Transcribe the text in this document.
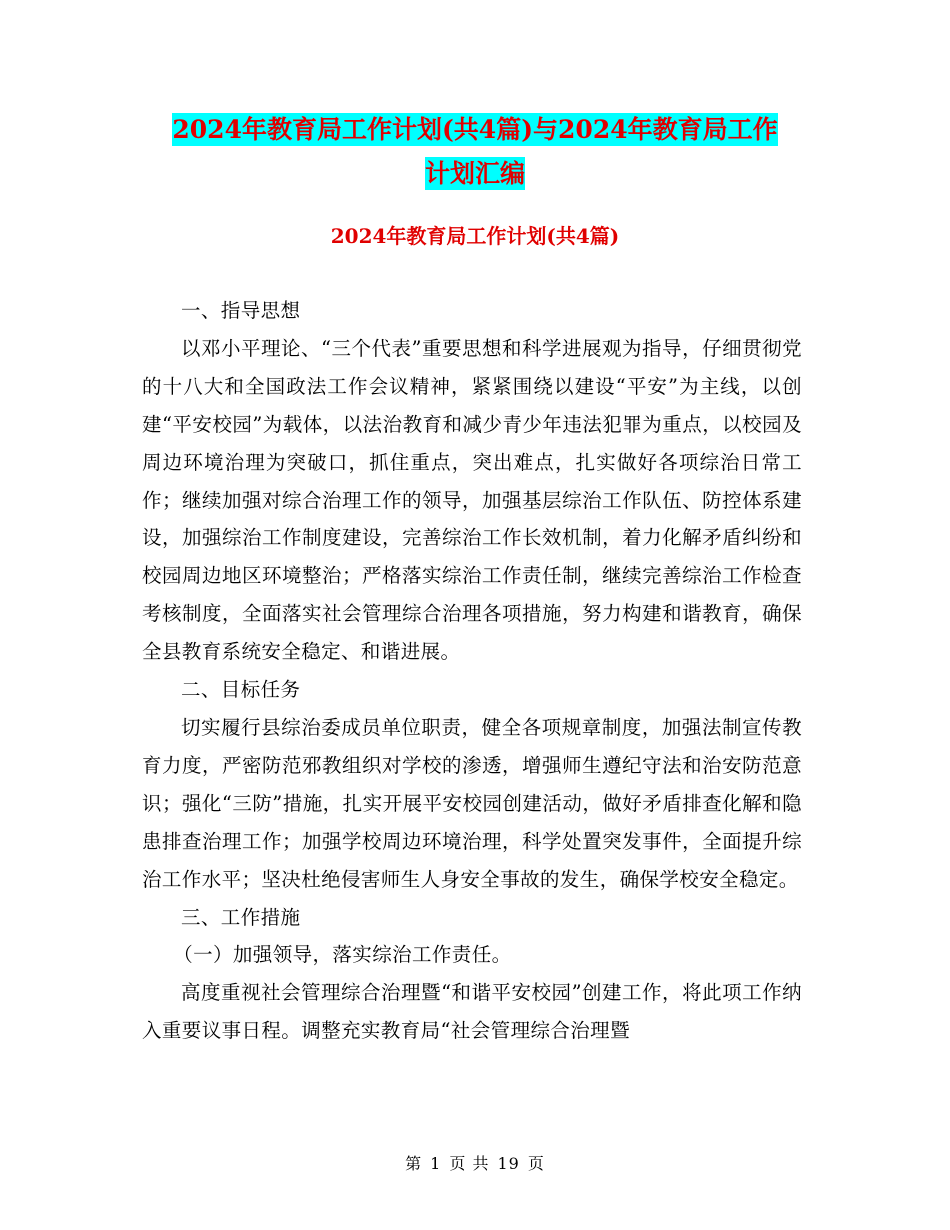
2024年教育局工作计划(共4篇)与2024年教育局工作
计划汇编
2024年教育局工作计划(共4篇)

一、指导思想

以邓小平理论、“三个代表”重要思想和科学进展观为指导，仔细贯彻党的十八大和全国政法工作会议精神，紧紧围绕以建设“平安”为主线，以创建“平安校园”为载体，以法治教育和减少青少年违法犯罪为重点，以校园及周边环境治理为突破口，抓住重点，突出难点，扎实做好各项综治日常工作；继续加强对综合治理工作的领导，加强基层综治工作队伍、防控体系建设，加强综治工作制度建设，完善综治工作长效机制，着力化解矛盾纠纷和校园周边地区环境整治；严格落实综治工作责任制，继续完善综治工作检查考核制度，全面落实社会管理综合治理各项措施，努力构建和谐教育，确保全县教育系统安全稳定、和谐进展。

二、目标任务

切实履行县综治委成员单位职责，健全各项规章制度，加强法制宣传教育力度，严密防范邪教组织对学校的渗透，增强师生遵纪守法和治安防范意识；强化“三防”措施，扎实开展平安校园创建活动，做好矛盾排查化解和隐患排查治理工作；加强学校周边环境治理，科学处置突发事件，全面提升综治工作水平；坚决杜绝侵害师生人身安全事故的发生，确保学校安全稳定。

三、工作措施

（一）加强领导，落实综治工作责任。

高度重视社会管理综合治理暨“和谐平安校园”创建工作，将此项工作纳入重要议事日程。调整充实教育局“社会管理综合治理暨

第 1 页 共 19 页
